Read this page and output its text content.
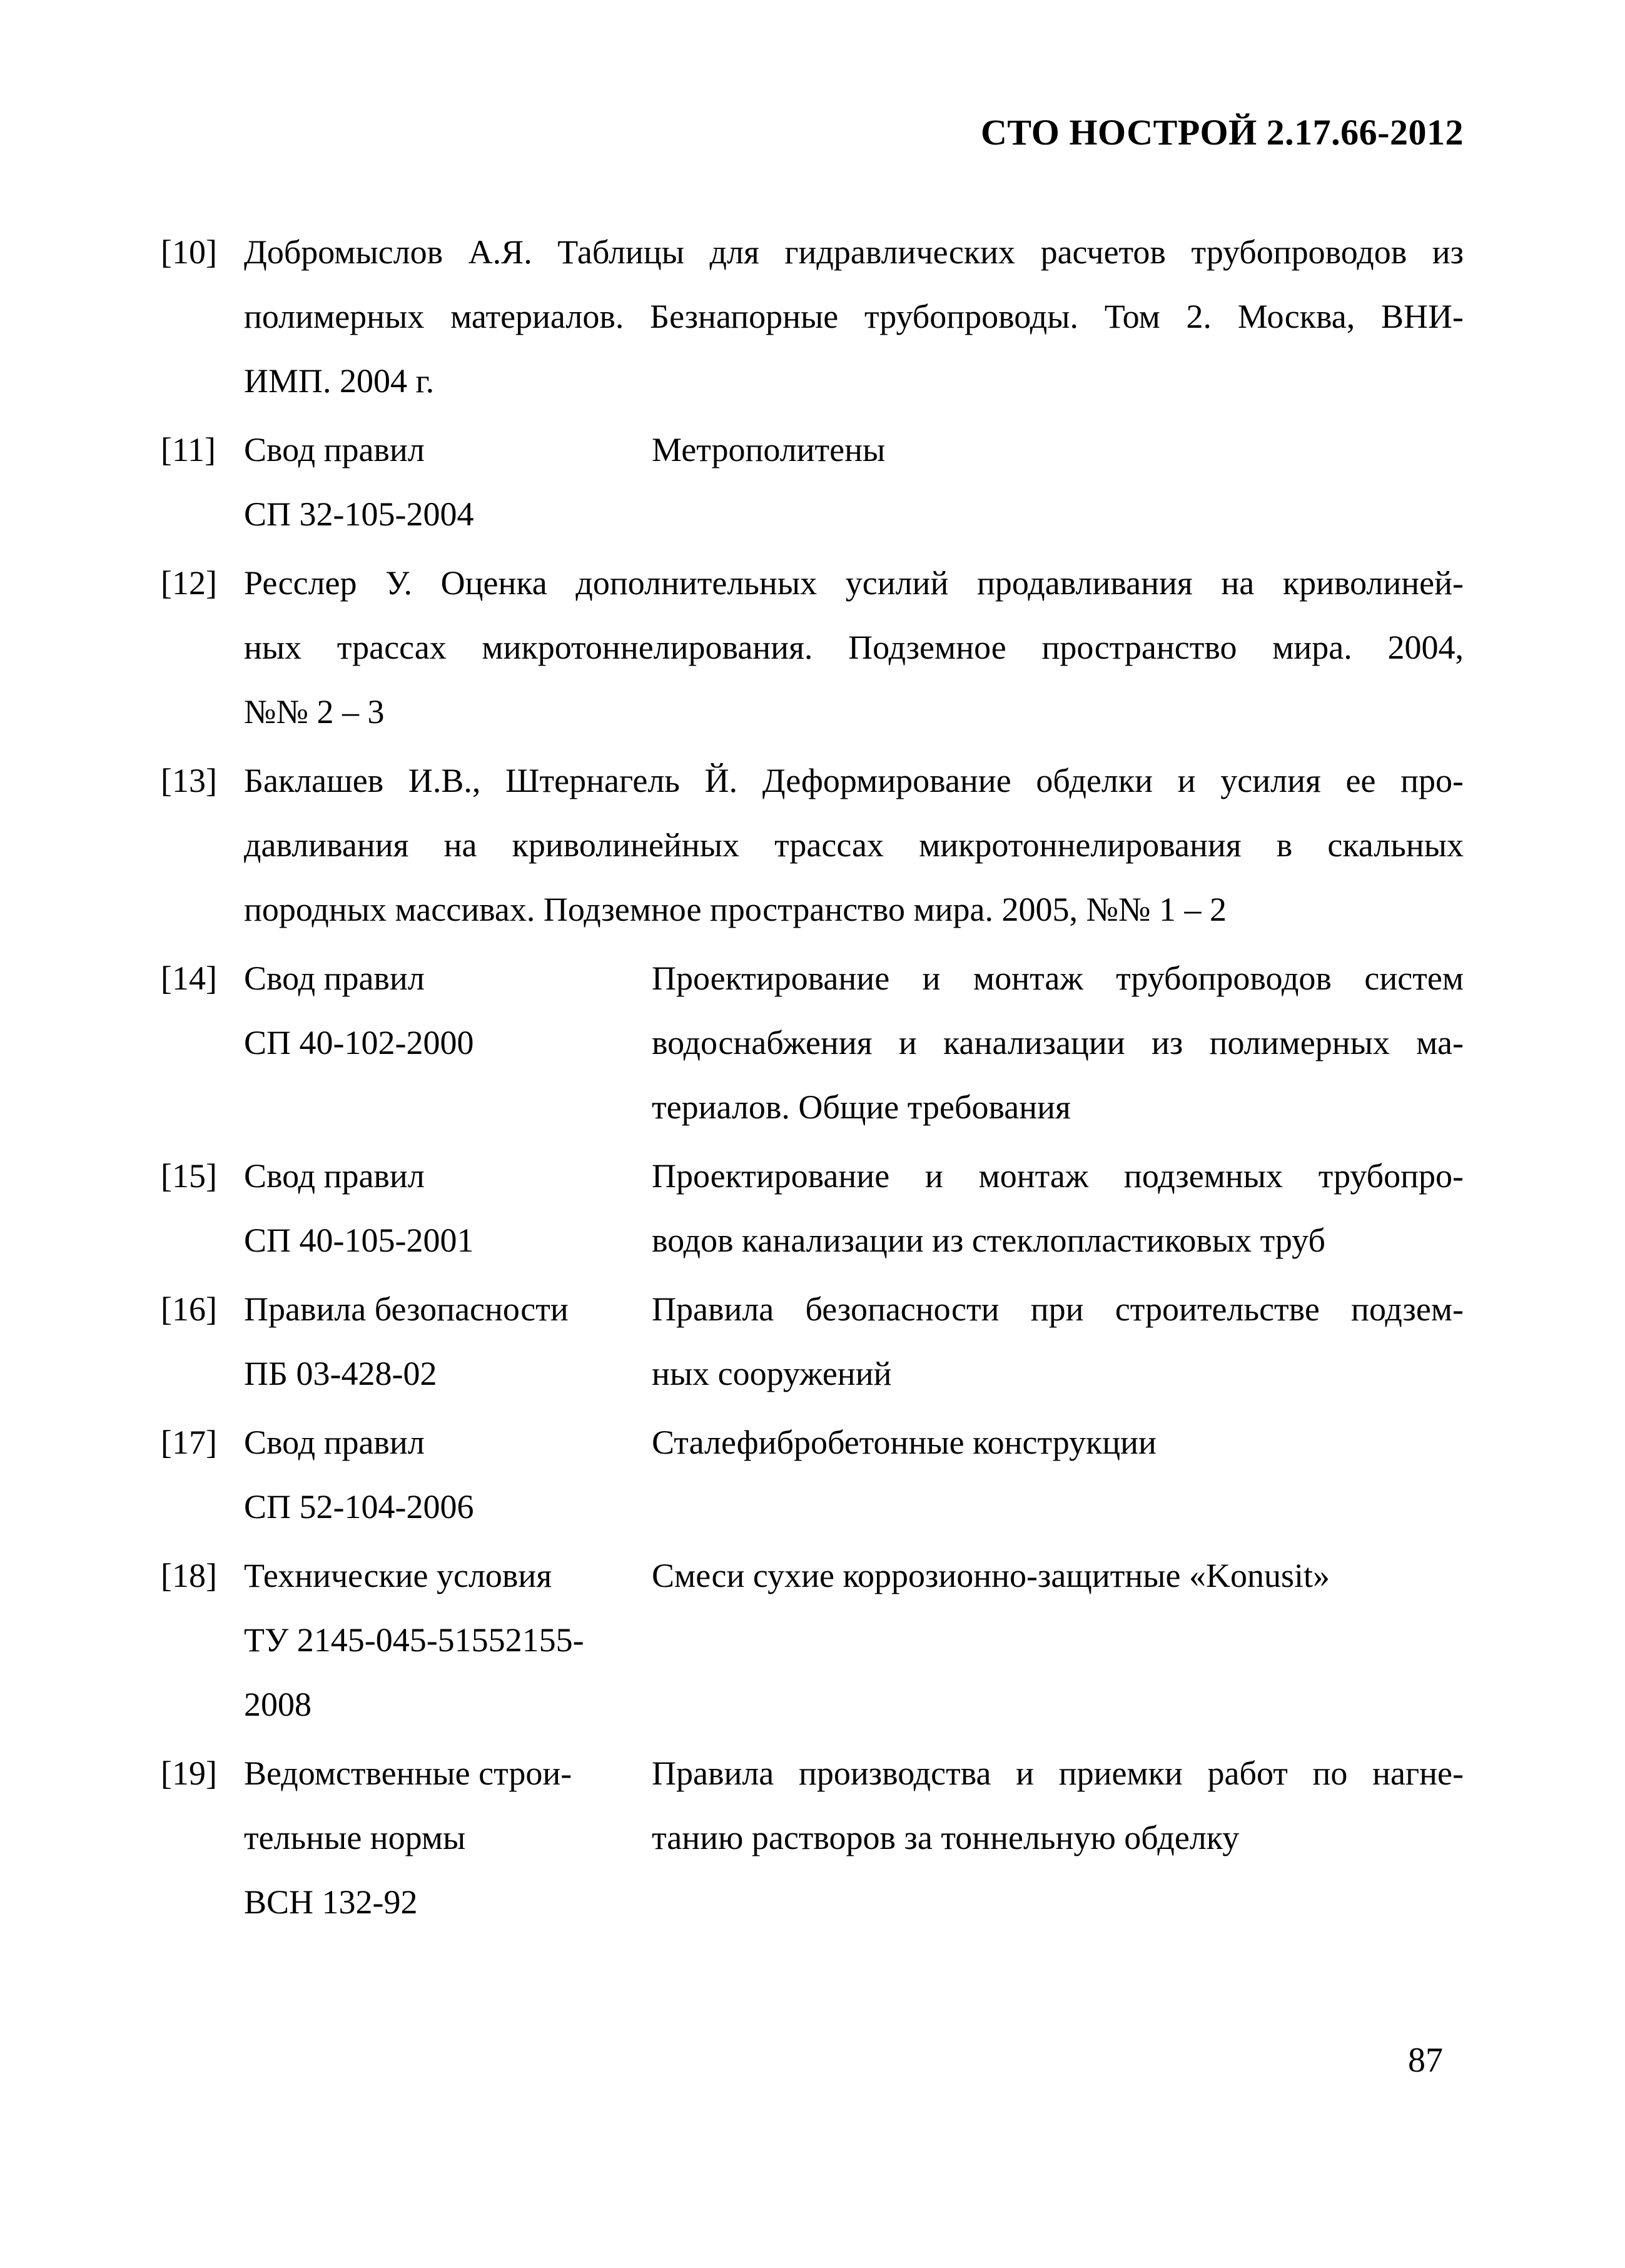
СТО НОСТРОЙ 2.17.66-2012
[10] Добромыслов А.Я. Таблицы для гидравлических расчетов трубопроводов из
полимерных материалов. Безнапорные трубопроводы. Том 2. Москва, ВНИ-
ИМП. 2004 г.
[11] Свод правил
СП 32-105-2004
Метрополитены
[12] Ресслер У. Оценка дополнительных усилий продавливания на криволиней-
ных трассах микротоннелирования. Подземное пространство мира. 2004,
№№ 2 – 3
[13] Баклашев И.В., Штернагель Й. Деформирование обделки и усилия ее про-
давливания на криволинейных трассах микротоннелирования в скальных
породных массивах. Подземное пространство мира. 2005, №№ 1 – 2
[14] Свод правил
СП 40-102-2000
Проектирование и монтаж трубопроводов систем
водоснабжения и канализации из полимерных ма-
териалов. Общие требования
[15] Свод правил
СП 40-105-2001
Проектирование и монтаж подземных трубопро-
водов канализации из стеклопластиковых труб
[16] Правила безопасности
ПБ 03-428-02
Правила безопасности при строительстве подзем-
ных сооружений
[17] Свод правил
СП 52-104-2006
Сталефибробетонные конструкции
[18] Технические условия
ТУ 2145-045-51552155-
2008
Смеси сухие коррозионно-защитные «Konusit»
[19] Ведомственные строи-
тельные нормы
ВСН 132-92
Правила производства и приемки работ по нагне-
танию растворов за тоннельную обделку
87
